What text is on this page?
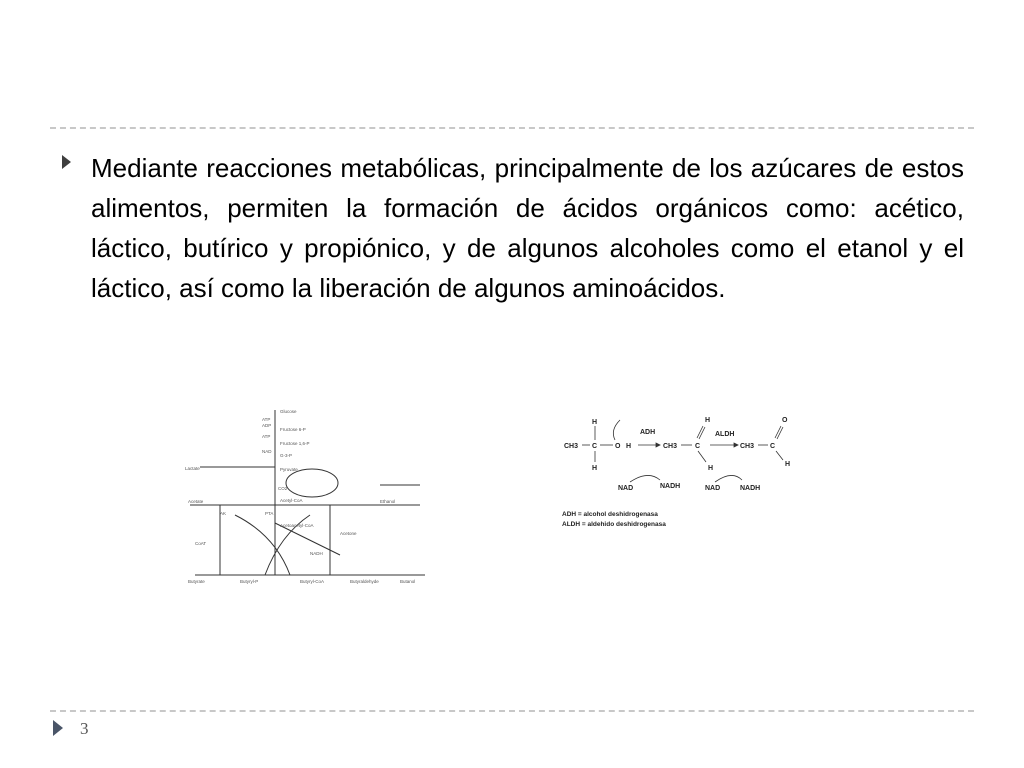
Mediante reacciones metabólicas, principalmente de los azúcares de estos alimentos, permiten la formación de ácidos orgánicos como: acético, láctico, butírico y propiónico, y de algunos alcoholes como el etanol y el láctico, así como la liberación de algunos aminoácidos.
Glucose
ATP
ADP
Fructose 6-P
ATP
Fructose 1,6-P
NAD
G-3-P
Lactate	Pyruvate
CO2
Acetate	Acetyl-CoA	Ethanol
AK	PTA
Acetoacetyl-CoA
Acetone
CoAT
NADH
Butyrate	Butyryl-P	Butyryl-CoA	Butyraldehyde	Butanol
H
CH3 C	O H
H
ADH
CH3	C
H
H
ALDH
CH3 C
O
H
NAD	NADH	NAD	NADH
ADH = alcohol deshidrogenasa
ALDH = aldehido deshidrogenasa
3
